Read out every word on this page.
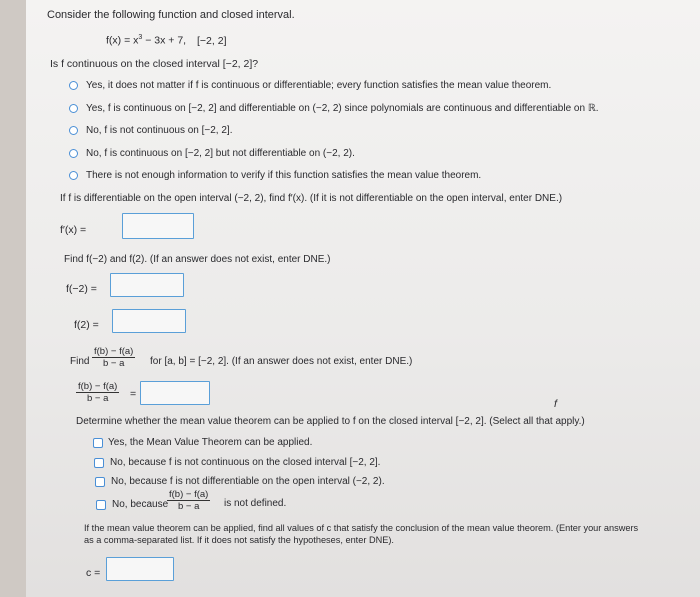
Consider the following function and closed interval.
$f(x) = x^3 - 3x + 7$, [−2, 2]
Is f continuous on the closed interval [−2, 2]?
Yes, it does not matter if f is continuous or differentiable; every function satisfies the mean value theorem.
Yes, f is continuous on [−2, 2] and differentiable on (−2, 2) since polynomials are continuous and differentiable on ℝ.
No, f is not continuous on [−2, 2].
No, f is continuous on [−2, 2] but not differentiable on (−2, 2).
There is not enough information to verify if this function satisfies the mean value theorem.
If f is differentiable on the open interval (−2, 2), find f′(x). (If it is not differentiable on the open interval, enter DNE.)
f′(x) =
Find f(−2) and f(2). (If an answer does not exist, enter DNE.)
f(−2) =
f(2) =
Find $\frac{f(b) - f(a)}{b - a}$ for [a, b] = [−2, 2]. (If an answer does not exist, enter DNE.)
$\frac{f(b) - f(a)}{b - a}$ =
f
Determine whether the mean value theorem can be applied to f on the closed interval [−2, 2]. (Select all that apply.)
Yes, the Mean Value Theorem can be applied.
No, because f is not continuous on the closed interval [−2, 2].
No, because f is not differentiable on the open interval (−2, 2).
No, because
$\frac{f(b) - f(a)}{b - a}$ is not defined.
If the mean value theorem can be applied, find all values of c that satisfy the conclusion of the mean value theorem. (Enter your answers
as a comma-separated list. If it does not satisfy the hypotheses, enter DNE).
c =
